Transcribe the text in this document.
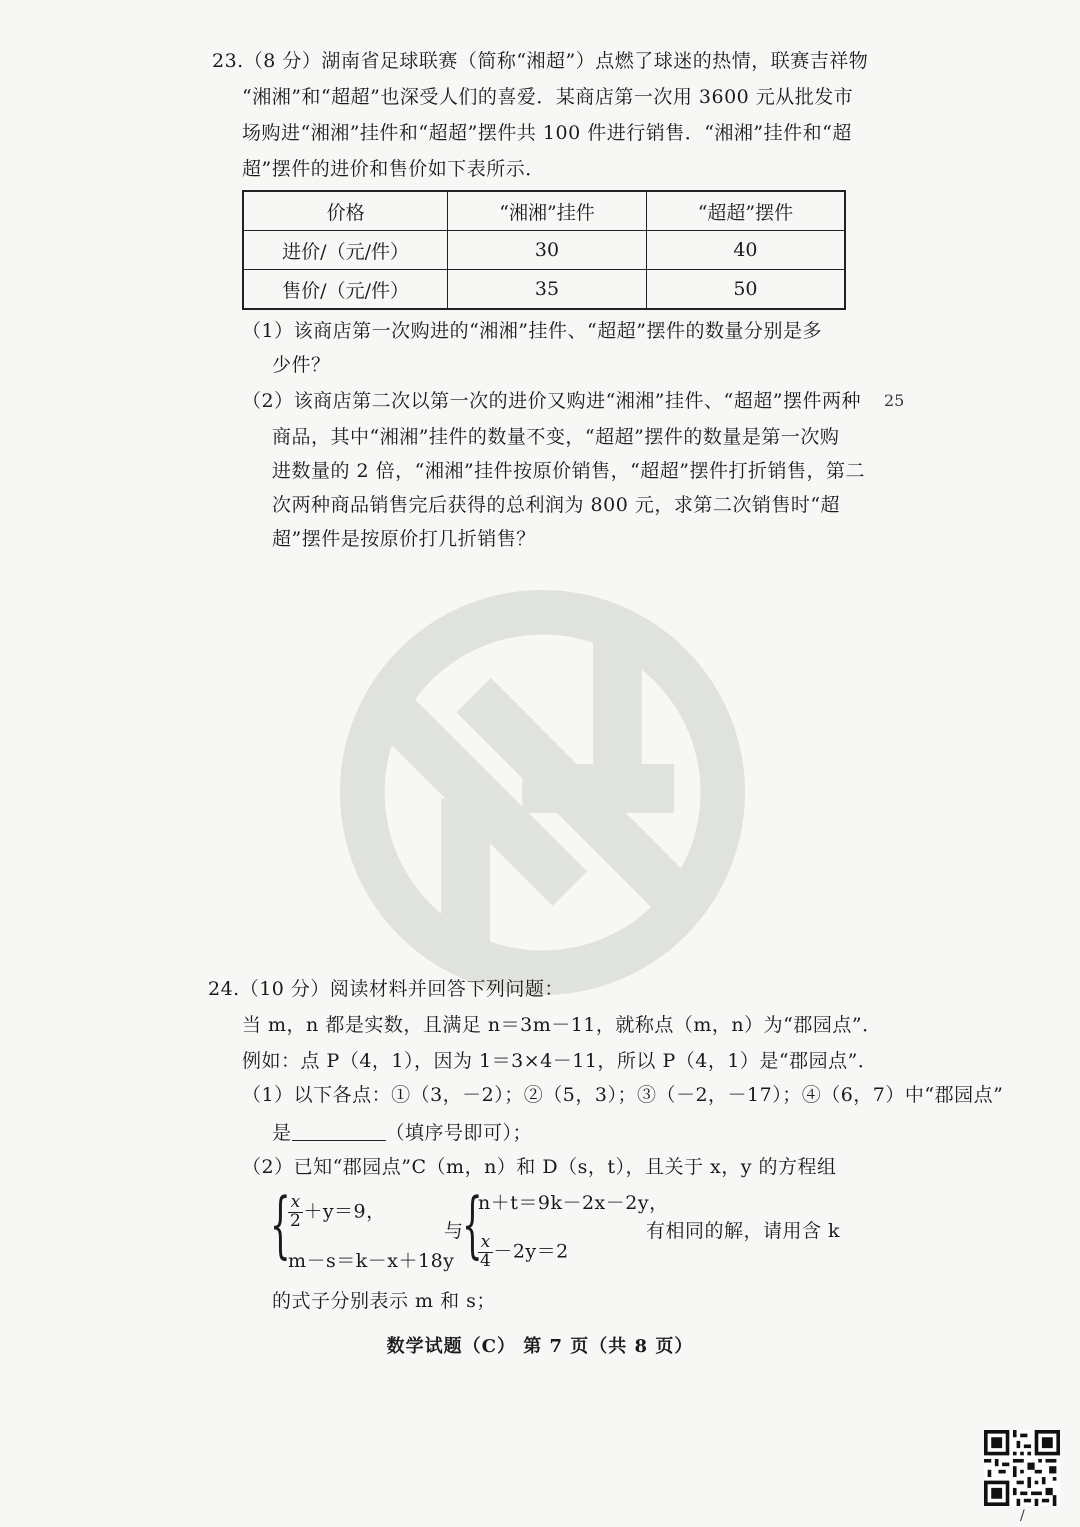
23.（8 分）湖南省足球联赛（简称“湘超”）点燃了球迷的热情，联赛吉祥物
“湘湘”和“超超”也深受人们的喜爱．某商店第一次用 3600 元从批发市
场购进“湘湘”挂件和“超超”摆件共 100 件进行销售．“湘湘”挂件和“超
超”摆件的进价和售价如下表所示．
价格	“湘湘”挂件	“超超”摆件
进价/（元/件）	30	40
售价/（元/件）	35	50
（1）该商店第一次购进的“湘湘”挂件、“超超”摆件的数量分别是多
少件？
（2）该商店第二次以第一次的进价又购进“湘湘”挂件、“超超”摆件两种
商品，其中“湘湘”挂件的数量不变，“超超”摆件的数量是第一次购
进数量的 2 倍，“湘湘”挂件按原价销售，“超超”摆件打折销售，第二
次两种商品销售完后获得的总利润为 800 元，求第二次销售时“超
超”摆件是按原价打几折销售？
25
24.（10 分）阅读材料并回答下列问题：
当 m，n 都是实数，且满足 n＝3m－11，就称点（m，n）为“郡园点”．
例如：点 P（4，1），因为 1＝3×4－11，所以 P（4，1）是“郡园点”．
（1）以下各点：①（3，－2）；②（5，3）；③（－2，－17）；④（6，7）中“郡园点”
是	（填序号即可）；
（2）已知“郡园点”C（m，n）和 D（s，t），且关于 x，y 的方程组
{
$\frac{x}{2} +y=9$，
m－s＝k－x＋18y
与
{
n＋t＝9k－2x－2y，
$\frac{x}{4} -2y=2$
有相同的解，请用含 k
的式子分别表示 m 和 s；
数学试题（C） 第 7 页（共 8 页）
/
